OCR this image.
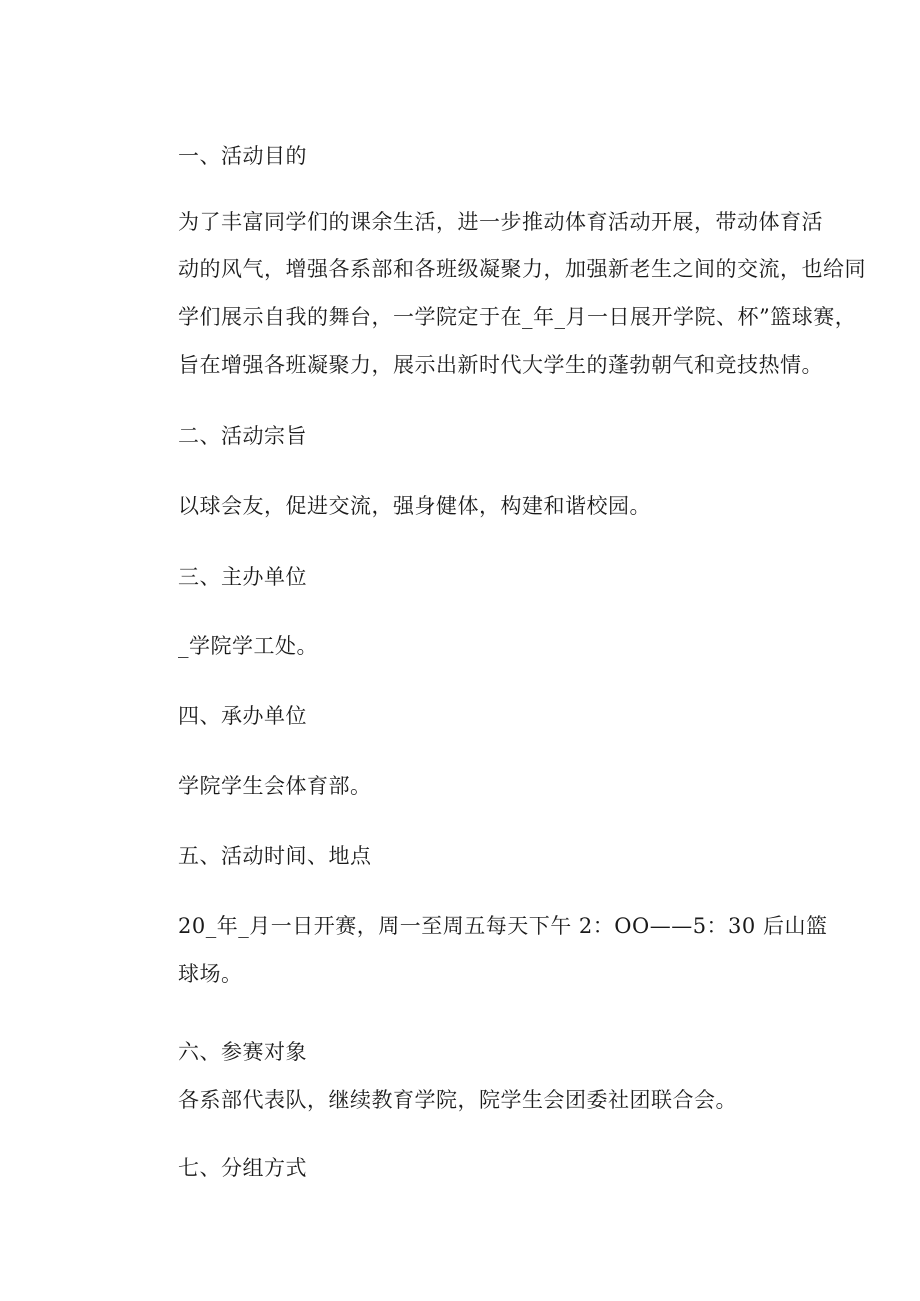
一、活动目的
为了丰富同学们的课余生活，进一步推动体育活动开展，带动体育活
动的风气，增强各系部和各班级凝聚力，加强新老生之间的交流，也给同
学们展示自我的舞台，一学院定于在_年_月一日展开学院、杯”篮球赛，
旨在增强各班凝聚力，展示出新时代大学生的蓬勃朝气和竞技热情。
二、活动宗旨
以球会友，促进交流，强身健体，构建和谐校园。
三、主办单位
_学院学工处。
四、承办单位
学院学生会体育部。
五、活动时间、地点
20_年_月一日开赛，周一至周五每天下午 2：OO——5：30 后山篮
球场。
六、参赛对象
各系部代表队，继续教育学院，院学生会团委社团联合会。
七、分组方式
